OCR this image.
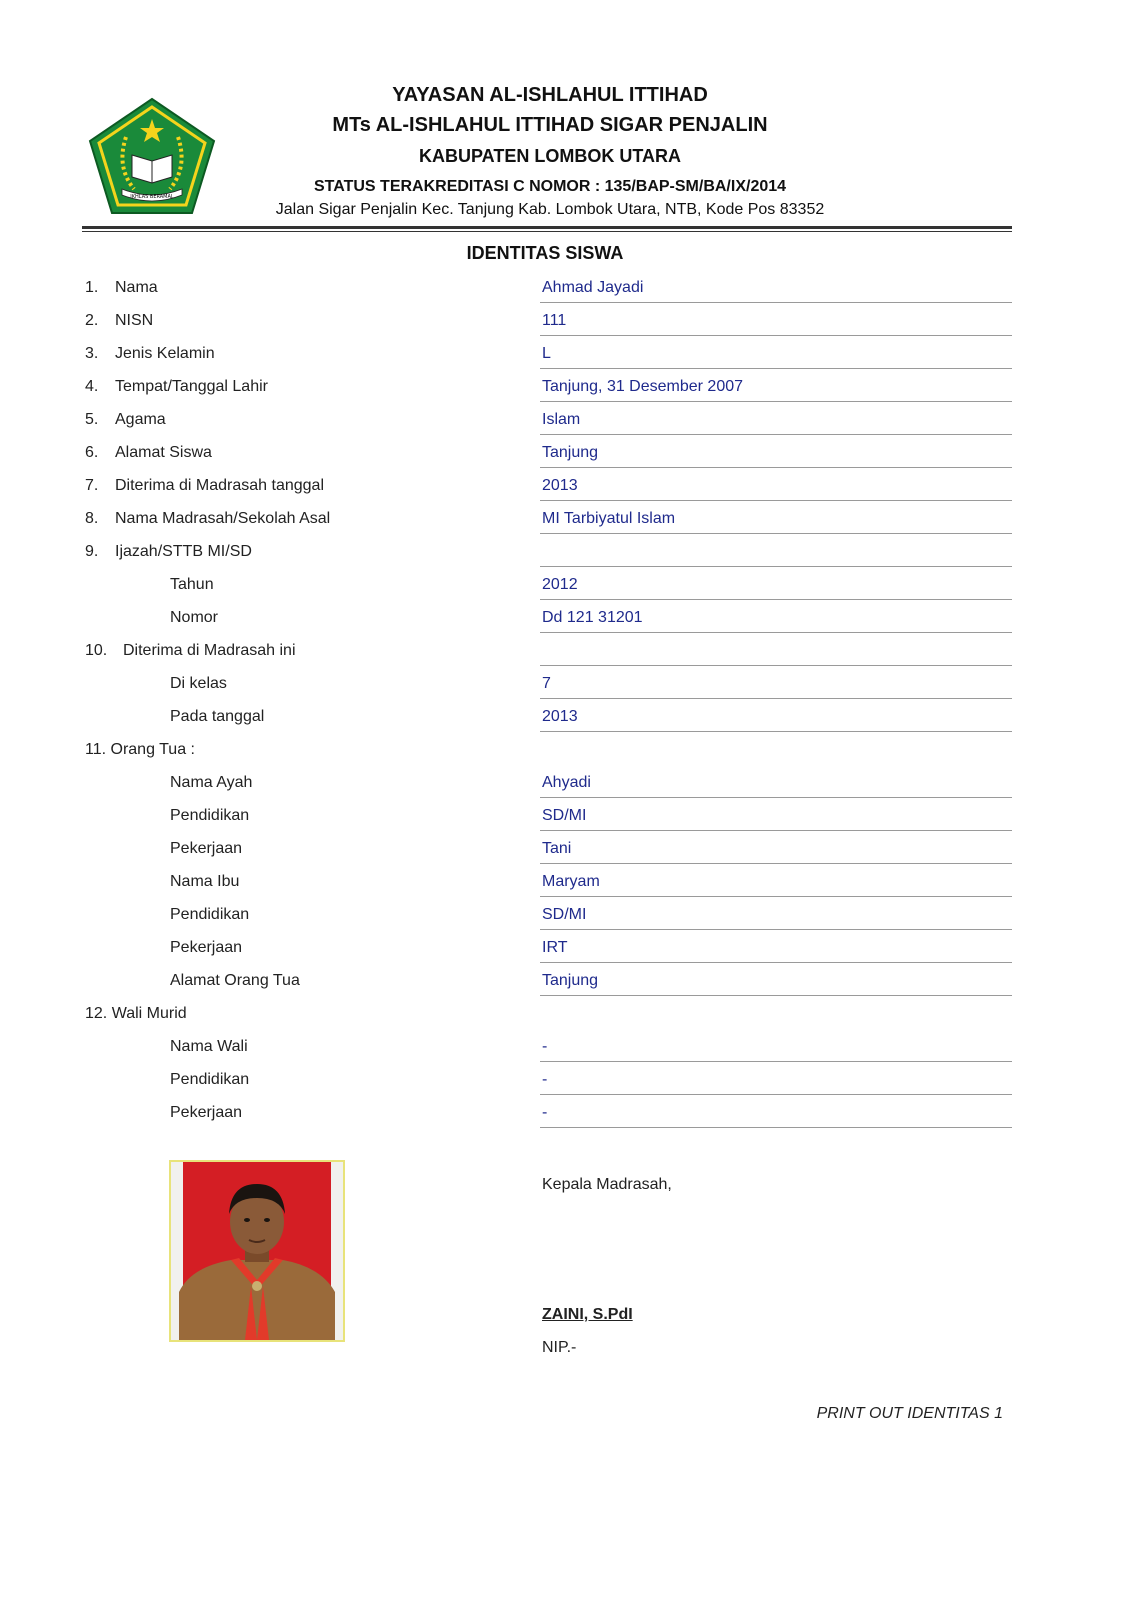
IKHLAS BERAMAL
YAYASAN AL-ISHLAHUL ITTIHAD
MTs AL-ISHLAHUL ITTIHAD SIGAR PENJALIN
KABUPATEN LOMBOK UTARA
STATUS TERAKREDITASI C NOMOR : 135/BAP-SM/BA/IX/2014
Jalan Sigar Penjalin Kec. Tanjung Kab. Lombok Utara, NTB, Kode Pos 83352
IDENTITAS SISWA
1. Nama	Ahmad Jayadi
2. NISN	111
3. Jenis Kelamin	L
4. Tempat/Tanggal Lahir	Tanjung, 31 Desember 2007
5. Agama	Islam
6. Alamat Siswa	Tanjung
7. Diterima di Madrasah tanggal	2013
8. Nama Madrasah/Sekolah Asal	MI Tarbiyatul Islam
9. Ijazah/STTB MI/SD
Tahun	2012
Nomor	Dd 121 31201
10. Diterima di Madrasah ini
Di kelas	7
Pada tanggal	2013
11. Orang Tua :
Nama Ayah	Ahyadi
Pendidikan	SD/MI
Pekerjaan	Tani
Nama Ibu	Maryam
Pendidikan	SD/MI
Pekerjaan	IRT
Alamat Orang Tua	Tanjung
12. Wali Murid
Nama Wali	-
Pendidikan	-
Pekerjaan	-
Kepala Madrasah,
ZAINI, S.PdI
NIP.-
PRINT OUT IDENTITAS 1
